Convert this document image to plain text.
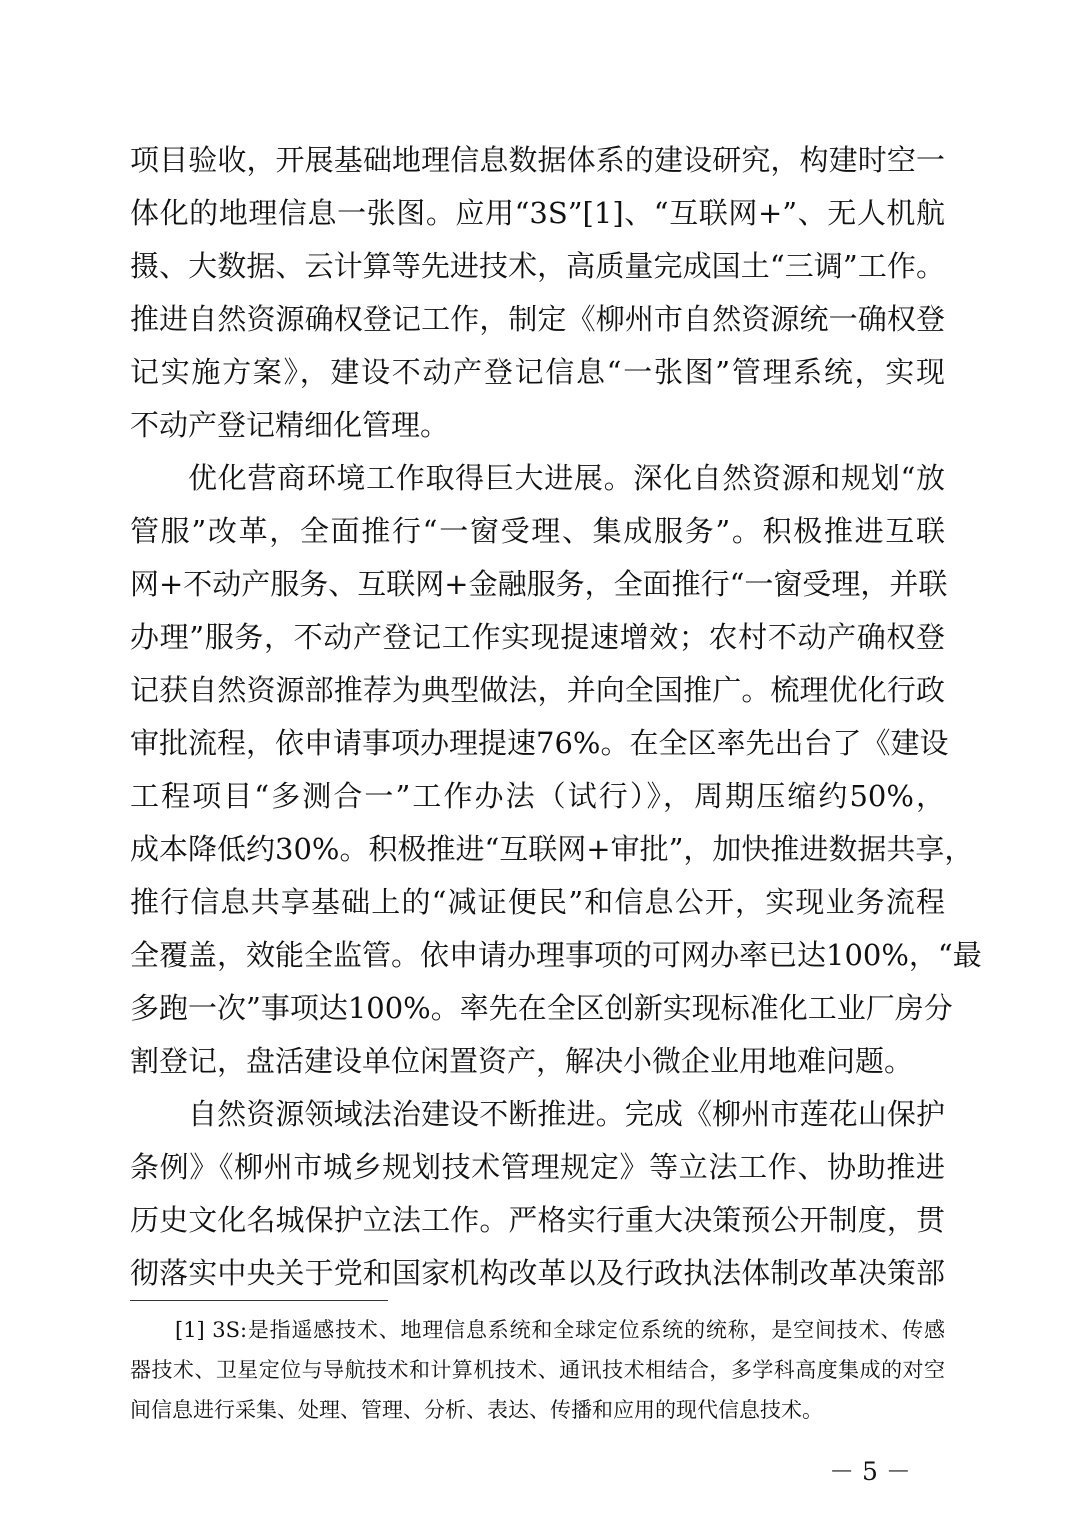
项目验收，开展基础地理信息数据体系的建设研究，构建时空一
体化的地理信息一张图。应用“3S”[1]、“互联网+”、无人机航
摄、大数据、云计算等先进技术，高质量完成国土“三调”工作。
推进自然资源确权登记工作，制定《柳州市自然资源统一确权登
记实施方案》，建设不动产登记信息“一张图”管理系统，实现
不动产登记精细化管理。
优化营商环境工作取得巨大进展。深化自然资源和规划“放
管服”改革，全面推行“一窗受理、集成服务”。积极推进互联
网+不动产服务、互联网+金融服务，全面推行“一窗受理，并联
办理”服务，不动产登记工作实现提速增效；农村不动产确权登
记获自然资源部推荐为典型做法，并向全国推广。梳理优化行政
审批流程，依申请事项办理提速76%。在全区率先出台了《建设
工程项目“多测合一”工作办法（试行）》，周期压缩约50%，
成本降低约30%。积极推进“互联网+审批”，加快推进数据共享，
推行信息共享基础上的“减证便民”和信息公开，实现业务流程
全覆盖，效能全监管。依申请办理事项的可网办率已达100%，“最
多跑一次”事项达100%。率先在全区创新实现标准化工业厂房分
割登记，盘活建设单位闲置资产，解决小微企业用地难问题。
自然资源领域法治建设不断推进。完成《柳州市莲花山保护
条例》《柳州市城乡规划技术管理规定》等立法工作、协助推进
历史文化名城保护立法工作。严格实行重大决策预公开制度，贯
彻落实中央关于党和国家机构改革以及行政执法体制改革决策部
[1] 3S:是指遥感技术、地理信息系统和全球定位系统的统称，是空间技术、传感
器技术、卫星定位与导航技术和计算机技术、通讯技术相结合，多学科高度集成的对空
间信息进行采集、处理、管理、分析、表达、传播和应用的现代信息技术。
－ 5 －
